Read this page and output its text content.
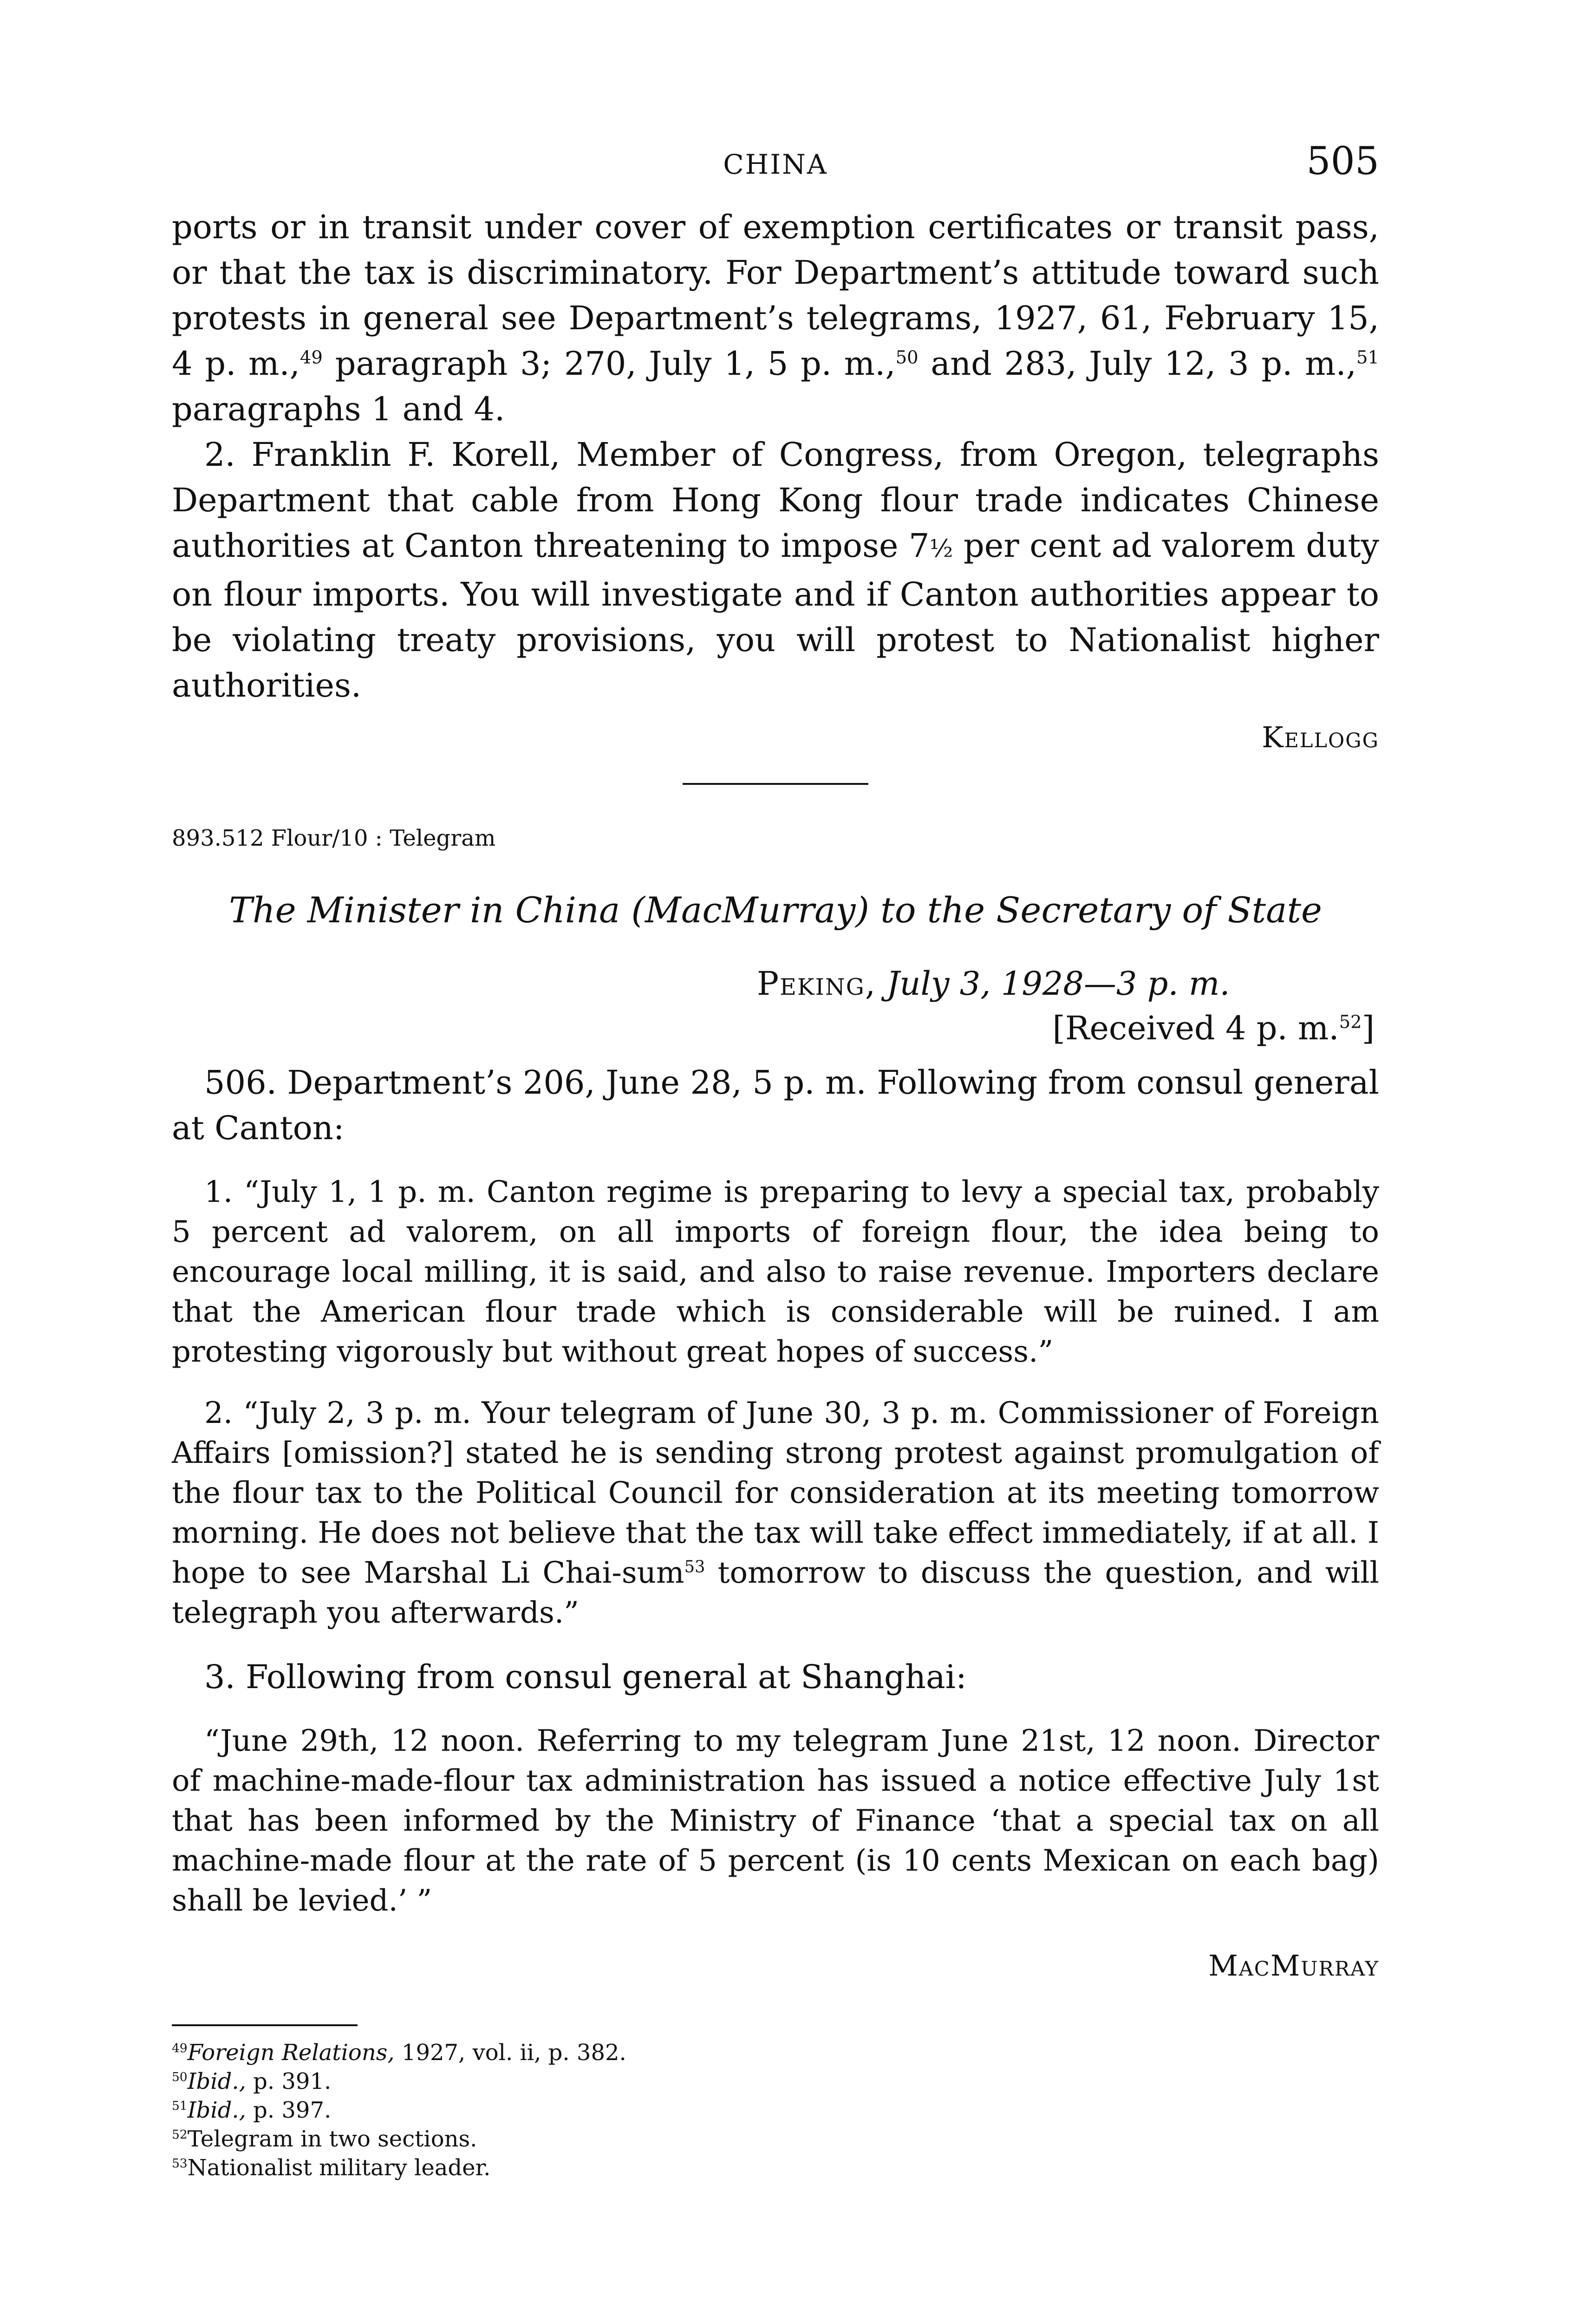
CHINA	505

ports or in transit under cover of exemption certificates or transit pass, or that the tax is discriminatory. For Department’s attitude toward such protests in general see Department’s telegrams, 1927, 61, February 15, 4 p. m.,$^{49}$ paragraph 3; 270, July 1, 5 p. m.,$^{50}$ and 283, July 12, 3 p. m.,$^{51}$ paragraphs 1 and 4.

2. Franklin F. Korell, Member of Congress, from Oregon, telegraphs Department that cable from Hong Kong flour trade indicates Chinese authorities at Canton threatening to impose 7½ per cent ad valorem duty on flour imports. You will investigate and if Canton authorities appear to be violating treaty provisions, you will protest to Nationalist higher authorities.

Kellogg
893.512 Flour/10 : Telegram
The Minister in China (MacMurray) to the Secretary of State
Peking, July 3, 1928—3 p. m.
[Received 4 p. m.$^{52}$]

506. Department’s 206, June 28, 5 p. m. Following from consul general at Canton:

1. “July 1, 1 p. m. Canton regime is preparing to levy a special tax, probably 5 percent ad valorem, on all imports of foreign flour, the idea being to encourage local milling, it is said, and also to raise revenue. Importers declare that the American flour trade which is considerable will be ruined. I am protesting vigorously but without great hopes of success.”

2. “July 2, 3 p. m. Your telegram of June 30, 3 p. m. Commissioner of Foreign Affairs [omission?] stated he is sending strong protest against promulgation of the flour tax to the Political Council for consideration at its meeting tomorrow morning. He does not believe that the tax will take effect immediately, if at all. I hope to see Marshal Li Chai-sum$^{53}$ tomorrow to discuss the question, and will telegraph you afterwards.”

3. Following from consul general at Shanghai:

“June 29th, 12 noon. Referring to my telegram June 21st, 12 noon. Director of machine-made-flour tax administration has issued a notice effective July 1st that has been informed by the Ministry of Finance ‘that a special tax on all machine-made flour at the rate of 5 percent (is 10 cents Mexican on each bag) shall be levied.’ ”

MacMurray
$^{49}$Foreign Relations, 1927, vol. ii, p. 382.
$^{50}$Ibid., p. 391.
$^{51}$Ibid., p. 397.
$^{52}$Telegram in two sections.
$^{53}$Nationalist military leader.
